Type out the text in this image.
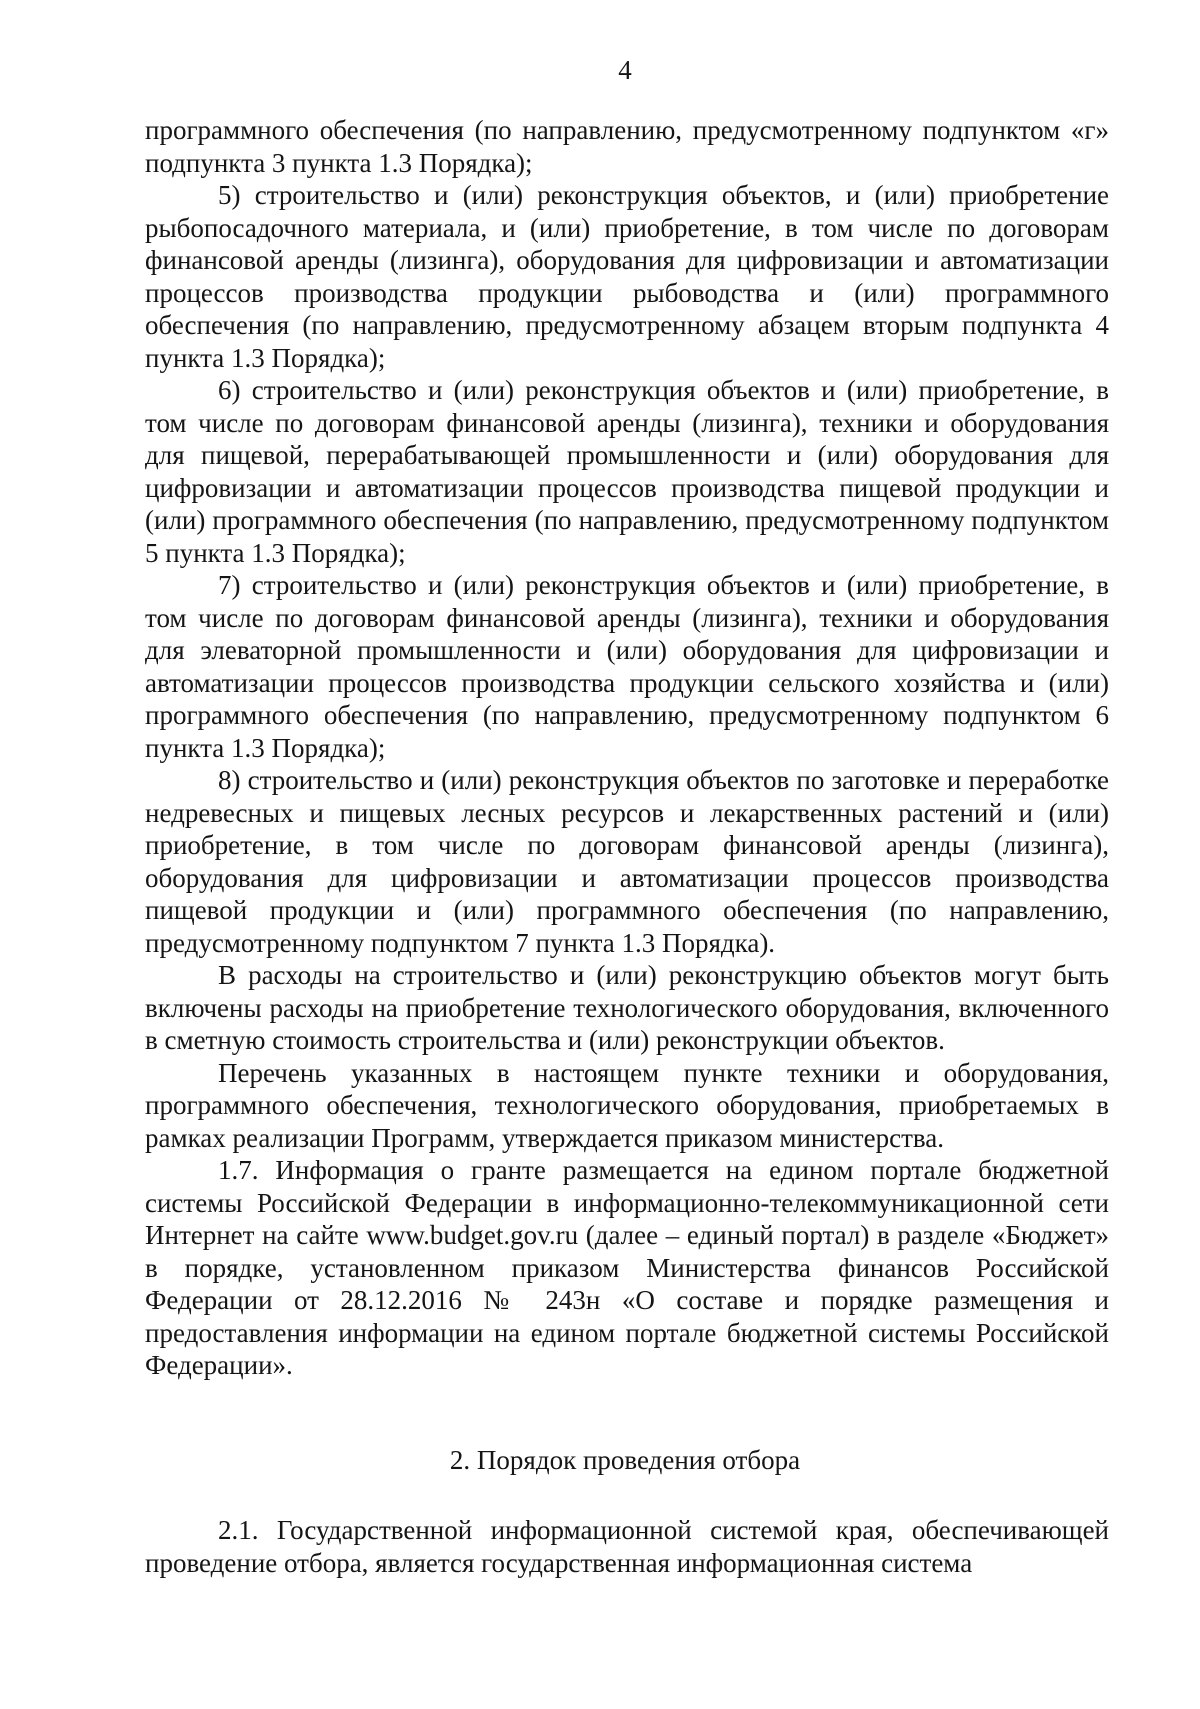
4

программного обеспечения (по направлению, предусмотренному подпунктом «г» подпункта 3 пункта 1.3 Порядка);

5) строительство и (или) реконструкция объектов, и (или) приобретение рыбопосадочного материала, и (или) приобретение, в том числе по договорам финансовой аренды (лизинга), оборудования для цифровизации и автоматизации процессов производства продукции рыбоводства и (или) программного обеспечения (по направлению, предусмотренному абзацем вторым подпункта 4 пункта 1.3 Порядка);

6) строительство и (или) реконструкция объектов и (или) приобретение, в том числе по договорам финансовой аренды (лизинга), техники и оборудования для пищевой, перерабатывающей промышленности и (или) оборудования для цифровизации и автоматизации процессов производства пищевой продукции и (или) программного обеспечения (по направлению, предусмотренному подпунктом 5 пункта 1.3 Порядка);

7) строительство и (или) реконструкция объектов и (или) приобретение, в том числе по договорам финансовой аренды (лизинга), техники и оборудования для элеваторной промышленности и (или) оборудования для цифровизации и автоматизации процессов производства продукции сельского хозяйства и (или) программного обеспечения (по направлению, предусмотренному подпунктом 6 пункта 1.3 Порядка);

8) строительство и (или) реконструкция объектов по заготовке и переработке недревесных и пищевых лесных ресурсов и лекарственных растений и (или) приобретение, в том числе по договорам финансовой аренды (лизинга), оборудования для цифровизации и автоматизации процессов производства пищевой продукции и (или) программного обеспечения (по направлению, предусмотренному подпунктом 7 пункта 1.3 Порядка).

В расходы на строительство и (или) реконструкцию объектов могут быть включены расходы на приобретение технологического оборудования, включенного в сметную стоимость строительства и (или) реконструкции объектов.

Перечень указанных в настоящем пункте техники и оборудования, программного обеспечения, технологического оборудования, приобретаемых в рамках реализации Программ, утверждается приказом министерства.

1.7. Информация о гранте размещается на едином портале бюджетной системы Российской Федерации в информационно-телекоммуникационной сети Интернет на сайте www.budget.gov.ru (далее – единый портал) в разделе «Бюджет» в порядке, установленном приказом Министерства финансов Российской Федерации от 28.12.2016 № 243н «О составе и порядке размещения и предоставления информации на едином портале бюджетной системы Российской Федерации».

2. Порядок проведения отбора

2.1. Государственной информационной системой края, обеспечивающей проведение отбора, является государственная информационная система
